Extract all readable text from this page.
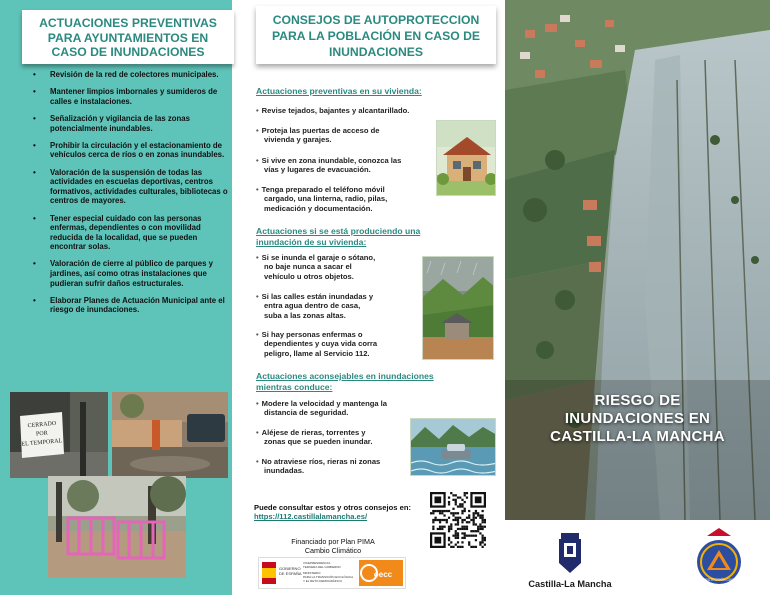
ACTUACIONES PREVENTIVAS
PARA AYUNTAMIENTOS EN
CASO DE INUNDACIONES
• Revisión de la red de colectores municipales.
• Mantener limpios imbornales y sumideros de calles e instalaciones.
• Señalización y vigilancia de las zonas potencialmente inundables.
• Prohibir la circulación y el estacionamiento de vehículos cerca de ríos o en zonas inundables.
• Valoración de la suspensión de todas las actividades en escuelas deportivas, centros formativos, actividades culturales, bibliotecas o centros de mayores.
• Tener especial cuidado con las personas enfermas, dependientes o con movilidad reducida de la localidad, que se pueden encontrar solas.
• Valoración de cierre al público de parques y jardines, así como otras instalaciones que pudieran sufrir daños estructurales.
• Elaborar Planes de Actuación Municipal ante el riesgo de inundaciones.
CERRADO
POR
EL TEMPORAL
CONSEJOS DE AUTOPROTECCION
PARA LA POBLACIÓN EN CASO DE
INUNDACIONES
Actuaciones preventivas en su vivienda:
• Revise tejados, bajantes y alcantarillado.
• Proteja las puertas de acceso de
vivienda y garajes.
• Si vive en zona inundable, conozca las
vías y lugares de evacuación.
• Tenga preparado el teléfono móvil
cargado, una linterna, radio, pilas,
medicación y documentación.
Actuaciones si se está produciendo una
inundación de su vivienda:
• Si se inunda el garaje o sótano,
no baje nunca a sacar el
vehículo u otros objetos.
• Si las calles están inundadas y
entra agua dentro de casa,
suba a las zonas altas.
• Si hay personas enfermas o
dependientes y cuya vida corra
peligro, llame al Servicio 112.
Actuaciones aconsejables en inundaciones
mientras conduce:
• Modere la velocidad y mantenga la
distancia de seguridad.
• Aléjese de rieras, torrentes y
zonas que se pueden inundar.
• No atraviese ríos, rieras ni zonas
inundadas.
Puede consultar estos y otros consejos en:
https://112.castillalamancha.es/
Financiado por Plan PIMA
Cambio Climático
GOBIERNO
DE ESPAÑA
VICEPRESIDENCIA
TERCERA DEL GOBIERNO
MINISTERIO
PARA LA TRANSICIÓN ECOLÓGICA
Y EL RETO DEMOGRÁFICO
oecc
RIESGO DE
INUNDACIONES EN
CASTILLA-LA MANCHA
Castilla-La Mancha	PROTECCIÓN CIVIL
